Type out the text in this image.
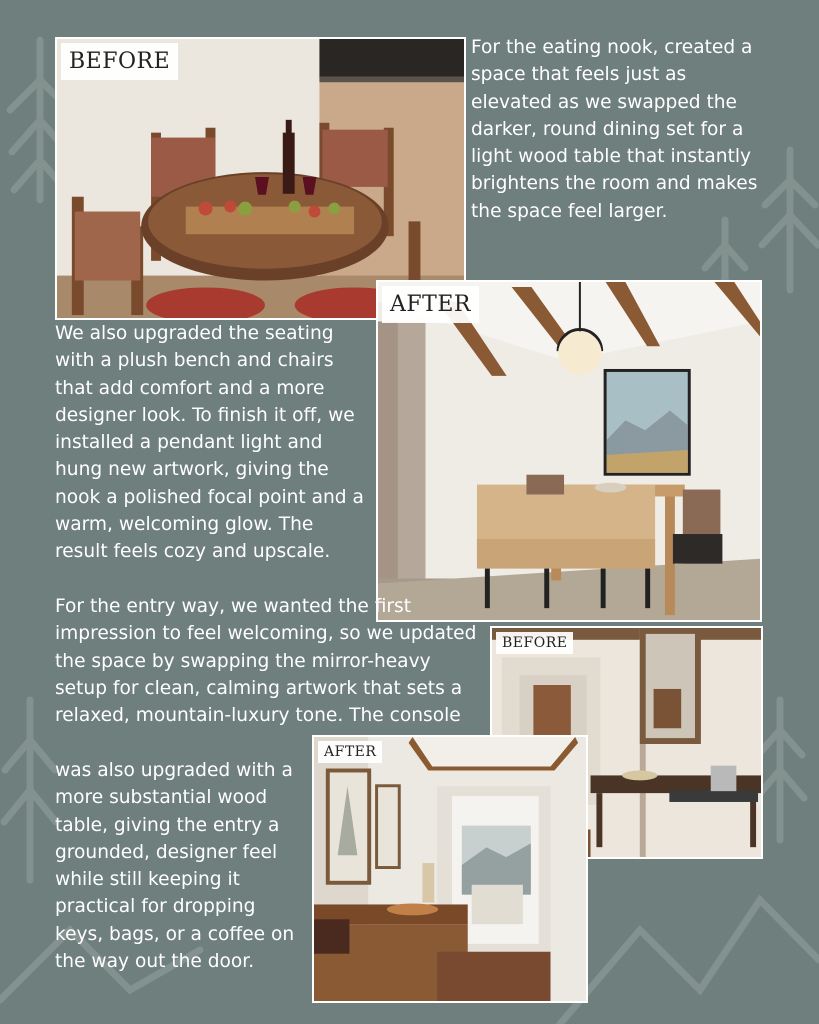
BEFORE

For the eating nook, created a space that feels just as elevated as we swapped the darker, round dining set for a light wood table that instantly brightens the room and makes the space feel larger.

AFTER

We also upgraded the seating with a plush bench and chairs that add comfort and a more designer look. To finish it off, we installed a pendant light and hung new artwork, giving the nook a polished focal point and a warm, welcoming glow. The result feels cozy and upscale.

BEFORE

For the entry way, we wanted the first impression to feel welcoming, so we updated the space by swapping the mirror-heavy setup for clean, calming artwork that sets a relaxed, mountain-luxury tone. The console

AFTER

was also upgraded with a more substantial wood table, giving the entry a grounded, designer feel while still keeping it practical for dropping keys, bags, or a coffee on the way out the door.
